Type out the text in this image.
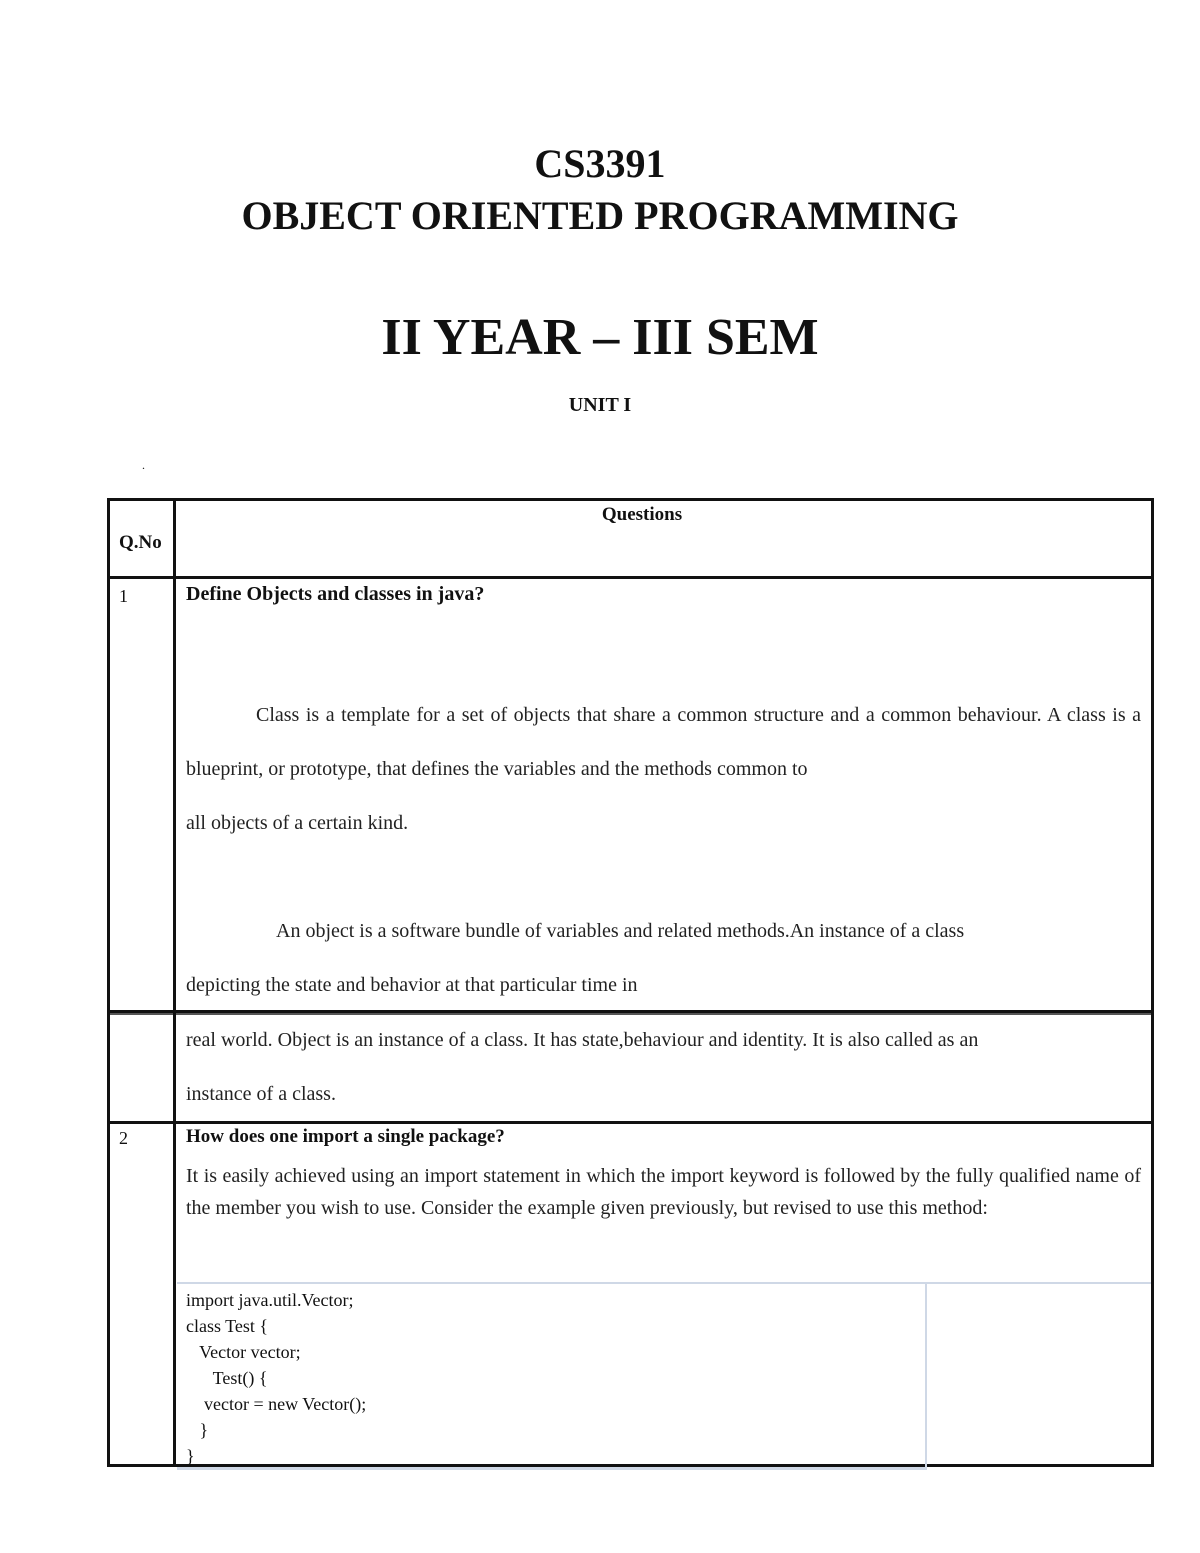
CS3391
OBJECT ORIENTED PROGRAMMING
II YEAR – III SEM
UNIT I
.
Q.No
Questions
1	Define Objects and classes in java?

Class is a template for a set of objects that share a common structure and a common behaviour. A class is a blueprint, or prototype, that defines the variables and the methods common to

all objects of a certain kind.

An object is a software bundle of variables and related methods.An instance of a class

depicting the state and behavior at that particular time in

real world. Object is an instance of a class. It has state,behaviour and identity. It is also called as an

instance of a class.

2	How does one import a single package?

It is easily achieved using an import statement in which the import keyword is followed by the fully qualified name of the member you wish to use. Consider the example given previously, but revised to use this method:

import java.util.Vector;
class Test {
Vector vector;
Test() {
vector = new Vector();
}
}
